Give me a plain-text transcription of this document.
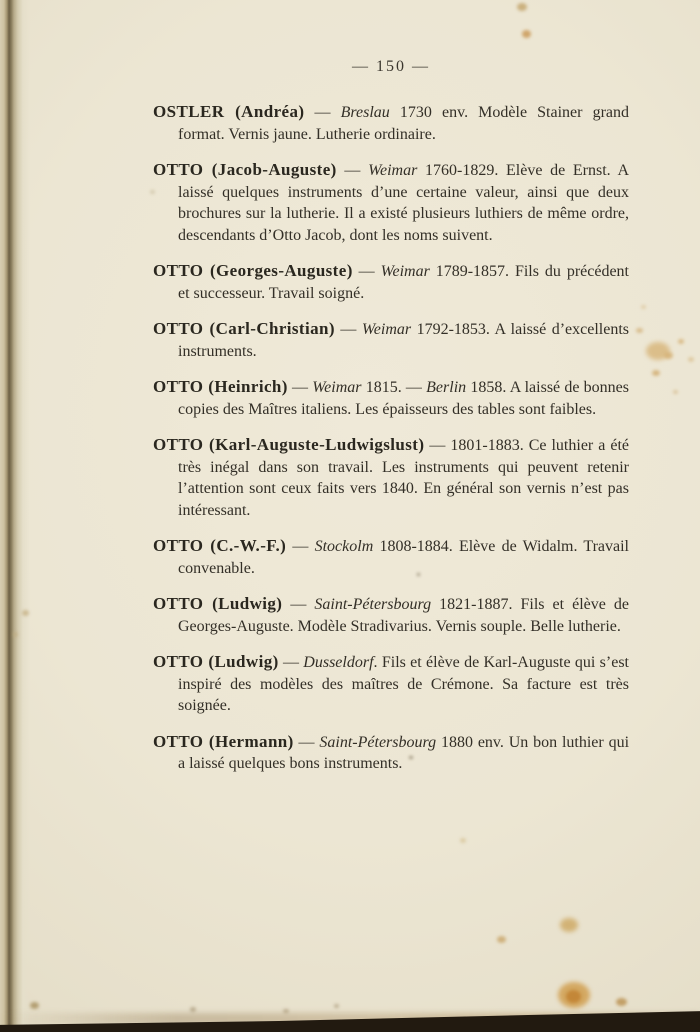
— 150 —

OSTLER (Andréa) — Breslau 1730 env. Modèle Stainer grand format. Vernis jaune. Lutherie ordinaire.

OTTO (Jacob-Auguste) — Weimar 1760-1829. Elève de Ernst. A laissé quelques instruments d’une certaine valeur, ainsi que deux brochures sur la lutherie. Il a existé plusieurs luthiers de même ordre, descendants d’Otto Jacob, dont les noms suivent.

OTTO (Georges-Auguste) — Weimar 1789-1857. Fils du précédent et successeur. Travail soigné.

OTTO (Carl-Christian) — Weimar 1792-1853. A laissé d’excellents instruments.

OTTO (Heinrich) — Weimar 1815. — Berlin 1858. A laissé de bonnes copies des Maîtres italiens. Les épaisseurs des tables sont faibles.

OTTO (Karl-Auguste-Ludwigslust) — 1801-1883. Ce luthier a été très inégal dans son travail. Les instruments qui peuvent retenir l’attention sont ceux faits vers 1840. En général son vernis n’est pas intéressant.

OTTO (C.-W.-F.) — Stockolm 1808-1884. Elève de Widalm. Travail convenable.

OTTO (Ludwig) — Saint-Pétersbourg 1821-1887. Fils et élève de Georges-Auguste. Modèle Stradivarius. Vernis souple. Belle lutherie.

OTTO (Ludwig) — Dusseldorf. Fils et élève de Karl-Auguste qui s’est inspiré des modèles des maîtres de Crémone. Sa facture est très soignée.

OTTO (Hermann) — Saint-Pétersbourg 1880 env. Un bon luthier qui a laissé quelques bons instruments.
